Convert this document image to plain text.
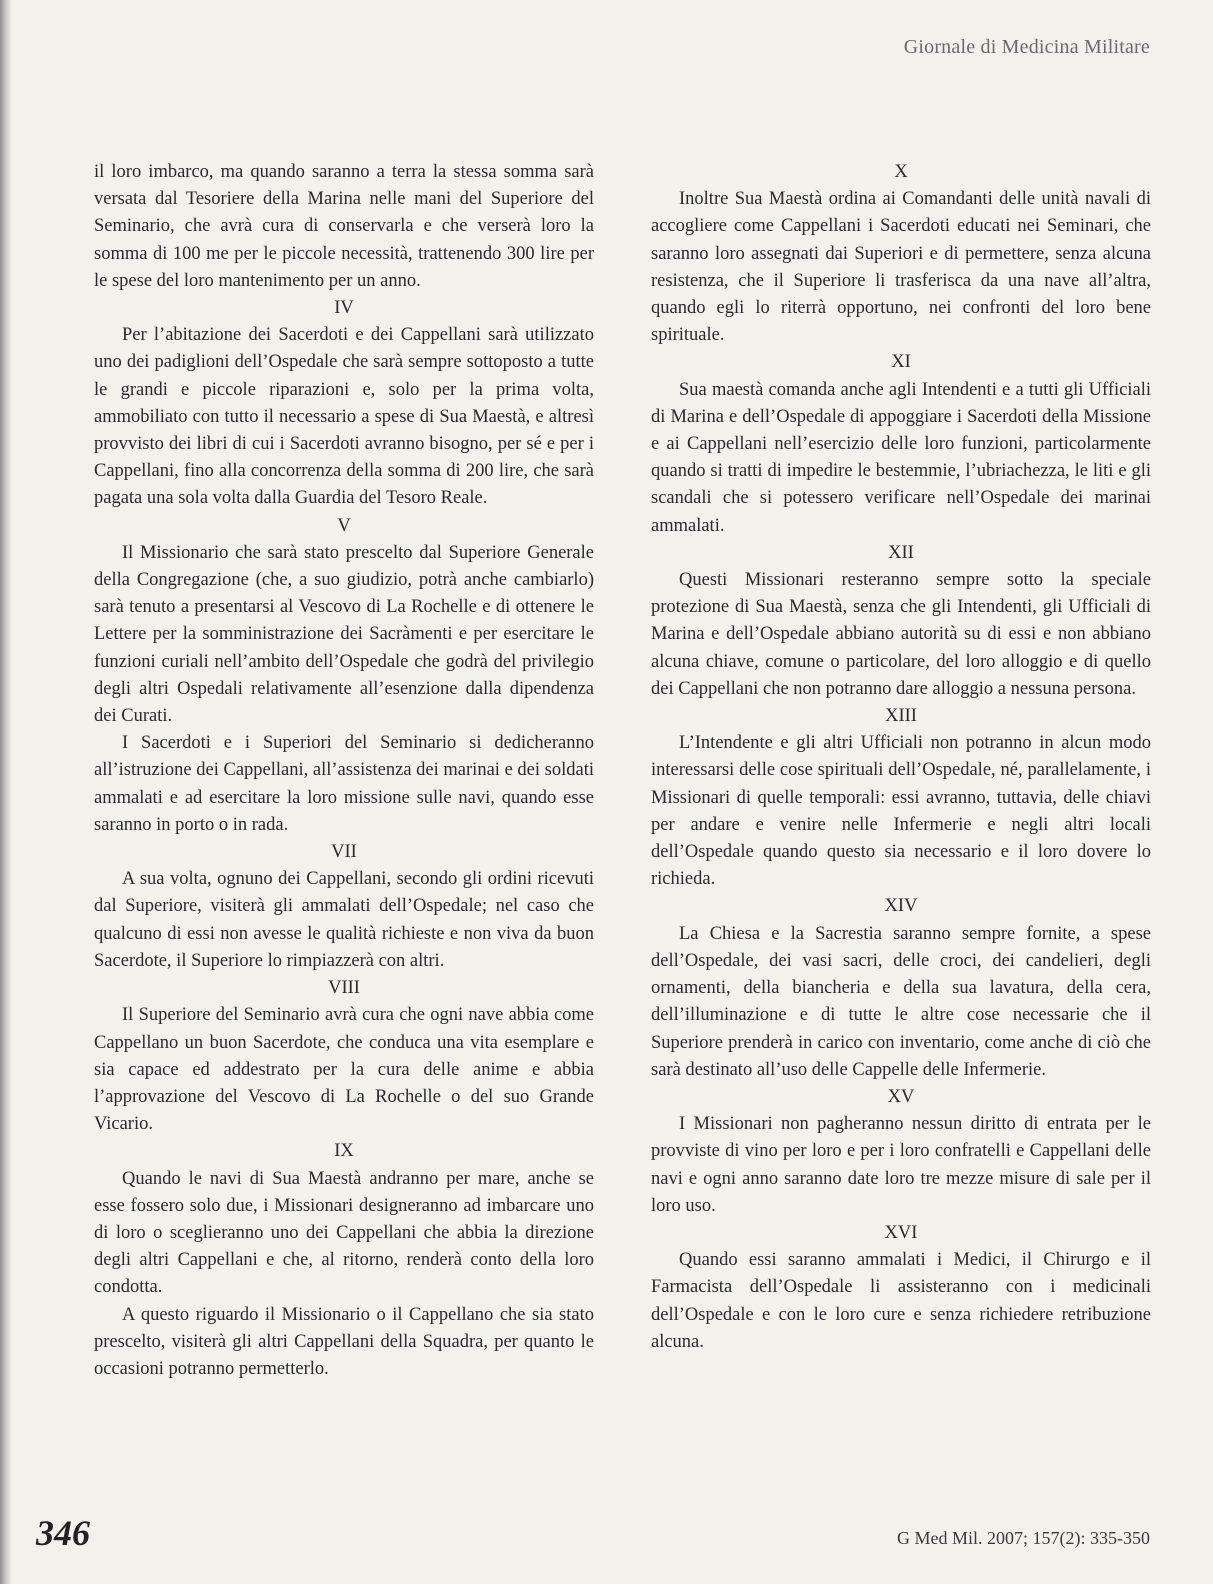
Giornale di Medicina Militare

il loro imbarco, ma quando saranno a terra la stessa somma sarà versata dal Tesoriere della Marina nelle mani del Superiore del Seminario, che avrà cura di conservarla e che verserà loro la somma di 100 me per le piccole necessità, trattenendo 300 lire per le spese del loro mantenimento per un anno.

IV

Per l’abitazione dei Sacerdoti e dei Cappellani sarà utilizzato uno dei padiglioni dell’Ospedale che sarà sempre sottoposto a tutte le grandi e piccole riparazioni e, solo per la prima volta, ammobiliato con tutto il necessario a spese di Sua Maestà, e altresì provvisto dei libri di cui i Sacerdoti avranno bisogno, per sé e per i Cappellani, fino alla concorrenza della somma di 200 lire, che sarà pagata una sola volta dalla Guardia del Tesoro Reale.

V

Il Missionario che sarà stato prescelto dal Superiore Generale della Congregazione (che, a suo giudizio, potrà anche cambiarlo) sarà tenuto a presentarsi al Vescovo di La Rochelle e di ottenere le Lettere per la somministrazione dei Sacràmenti e per esercitare le funzioni curiali nell’ambito dell’Ospedale che godrà del privilegio degli altri Ospedali relativamente all’esenzione dalla dipendenza dei Curati.

I Sacerdoti e i Superiori del Seminario si dedicheranno all’istruzione dei Cappellani, all’assistenza dei marinai e dei soldati ammalati e ad esercitare la loro missione sulle navi, quando esse saranno in porto o in rada.

VII

A sua volta, ognuno dei Cappellani, secondo gli ordini ricevuti dal Superiore, visiterà gli ammalati dell’Ospedale; nel caso che qualcuno di essi non avesse le qualità richieste e non viva da buon Sacerdote, il Superiore lo rimpiazzerà con altri.

VIII

Il Superiore del Seminario avrà cura che ogni nave abbia come Cappellano un buon Sacerdote, che conduca una vita esemplare e sia capace ed addestrato per la cura delle anime e abbia l’approvazione del Vescovo di La Rochelle o del suo Grande Vicario.

IX

Quando le navi di Sua Maestà andranno per mare, anche se esse fossero solo due, i Missionari designeranno ad imbarcare uno di loro o sceglieranno uno dei Cappellani che abbia la direzione degli altri Cappellani e che, al ritorno, renderà conto della loro condotta.

A questo riguardo il Missionario o il Cappellano che sia stato prescelto, visiterà gli altri Cappellani della Squadra, per quanto le occasioni potranno permetterlo.

X

Inoltre Sua Maestà ordina ai Comandanti delle unità navali di accogliere come Cappellani i Sacerdoti educati nei Seminari, che saranno loro assegnati dai Superiori e di permettere, senza alcuna resistenza, che il Superiore li trasferisca da una nave all’altra, quando egli lo riterrà opportuno, nei confronti del loro bene spirituale.

XI

Sua maestà comanda anche agli Intendenti e a tutti gli Ufficiali di Marina e dell’Ospedale di appoggiare i Sacerdoti della Missione e ai Cappellani nell’esercizio delle loro funzioni, particolarmente quando si tratti di impedire le bestemmie, l’ubriachezza, le liti e gli scandali che si potessero verificare nell’Ospedale dei marinai ammalati.

XII

Questi Missionari resteranno sempre sotto la speciale protezione di Sua Maestà, senza che gli Intendenti, gli Ufficiali di Marina e dell’Ospedale abbiano autorità su di essi e non abbiano alcuna chiave, comune o particolare, del loro alloggio e di quello dei Cappellani che non potranno dare alloggio a nessuna persona.

XIII

L’Intendente e gli altri Ufficiali non potranno in alcun modo interessarsi delle cose spirituali dell’Ospedale, né, parallelamente, i Missionari di quelle temporali: essi avranno, tuttavia, delle chiavi per andare e venire nelle Infermerie e negli altri locali dell’Ospedale quando questo sia necessario e il loro dovere lo richieda.

XIV

La Chiesa e la Sacrestia saranno sempre fornite, a spese dell’Ospedale, dei vasi sacri, delle croci, dei candelieri, degli ornamenti, della biancheria e della sua lavatura, della cera, dell’illuminazione e di tutte le altre cose necessarie che il Superiore prenderà in carico con inventario, come anche di ciò che sarà destinato all’uso delle Cappelle delle Infermerie.

XV

I Missionari non pagheranno nessun diritto di entrata per le provviste di vino per loro e per i loro confratelli e Cappellani delle navi e ogni anno saranno date loro tre mezze misure di sale per il loro uso.

XVI

Quando essi saranno ammalati i Medici, il Chirurgo e il Farmacista dell’Ospedale li assisteranno con i medicinali dell’Ospedale e con le loro cure e senza richiedere retribuzione alcuna.

346	G Med Mil. 2007; 157(2): 335-350
